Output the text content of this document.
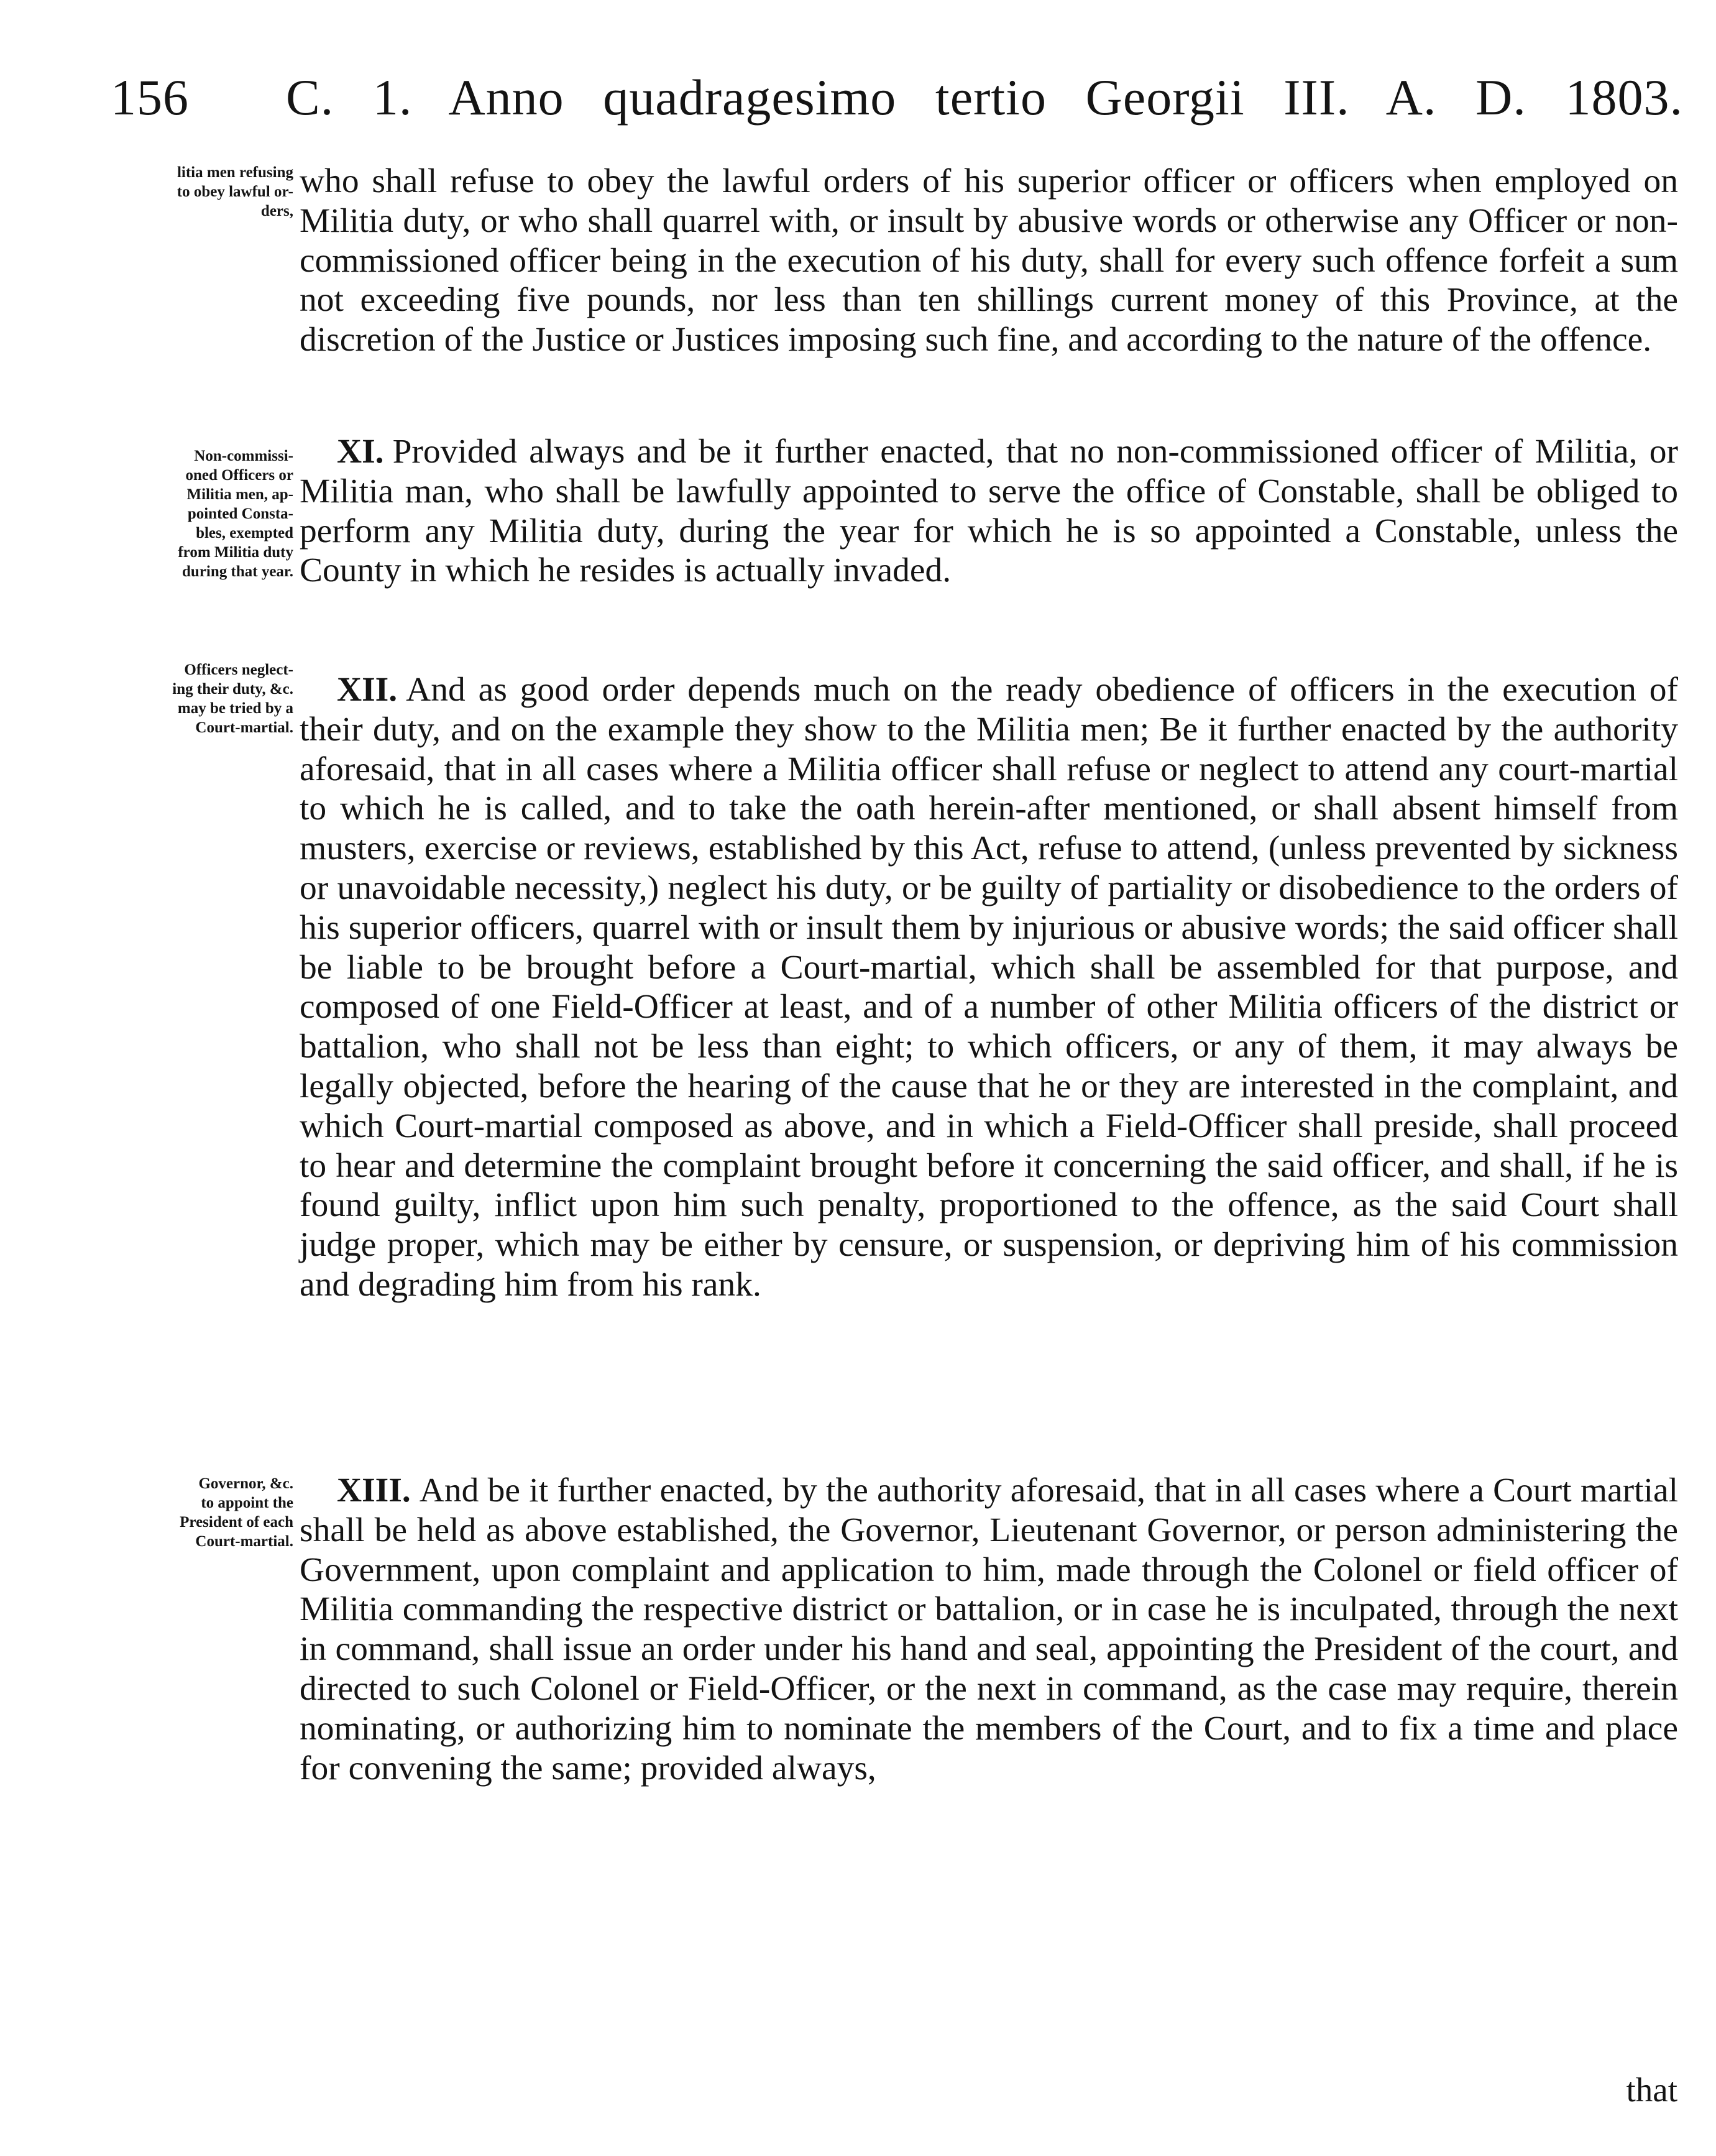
156 C. 1. Anno quadragesimo tertio Georgii III. A. D. 1803.
litia men refusing
to obey lawful or-
ders,
who shall refuse to obey the lawful orders of his superior officer or officers when employed on Militia duty, or who shall quarrel with, or insult by abusive words or otherwise any Officer or non-commissioned officer being in the execution of his duty, shall for every such offence forfeit a sum not exceeding five pounds, nor less than ten shillings current money of this Province, at the discretion of the Justice or Justices imposing such fine, and according to the nature of the offence.
Non-commissi-
oned Officers or
Militia men, ap-
pointed Consta-
bles, exempted
from Militia duty
during that year.
XI. Provided always and be it further enacted, that no non-commissioned officer of Militia, or Militia man, who shall be lawfully appointed to serve the office of Constable, shall be obliged to perform any Militia duty, during the year for which he is so appointed a Constable, unless the County in which he resides is actually invaded.
Officers neglect-
ing their duty, &c.
may be tried by a
Court-martial.
XII. And as good order depends much on the ready obedience of officers in the execution of their duty, and on the example they show to the Militia men; Be it further enacted by the authority aforesaid, that in all cases where a Militia officer shall refuse or neglect to attend any court-martial to which he is called, and to take the oath herein-after mentioned, or shall absent himself from musters, exercise or reviews, established by this Act, refuse to attend, (unless prevented by sickness or unavoidable necessity,) neglect his duty, or be guilty of partiality or disobedience to the orders of his superior officers, quarrel with or insult them by injurious or abusive words; the said officer shall be liable to be brought before a Court-martial, which shall be assembled for that purpose, and composed of one Field-Officer at least, and of a number of other Militia officers of the district or battalion, who shall not be less than eight; to which officers, or any of them, it may always be legally objected, before the hearing of the cause that he or they are interested in the complaint, and which Court-martial composed as above, and in which a Field-Officer shall preside, shall proceed to hear and determine the complaint brought before it concerning the said officer, and shall, if he is found guilty, inflict upon him such penalty, proportioned to the offence, as the said Court shall judge proper, which may be either by censure, or suspension, or depriving him of his commission and degrading him from his rank.
Governor, &c.
to appoint the
President of each
Court-martial.
XIII. And be it further enacted, by the authority aforesaid, that in all cases where a Court martial shall be held as above established, the Governor, Lieutenant Governor, or person administering the Government, upon complaint and application to him, made through the Colonel or field officer of Militia commanding the respective district or battalion, or in case he is inculpated, through the next in command, shall issue an order under his hand and seal, appointing the President of the court, and directed to such Colonel or Field-Officer, or the next in command, as the case may require, therein nominating, or authorizing him to nominate the members of the Court, and to fix a time and place for convening the same; provided always,
that
